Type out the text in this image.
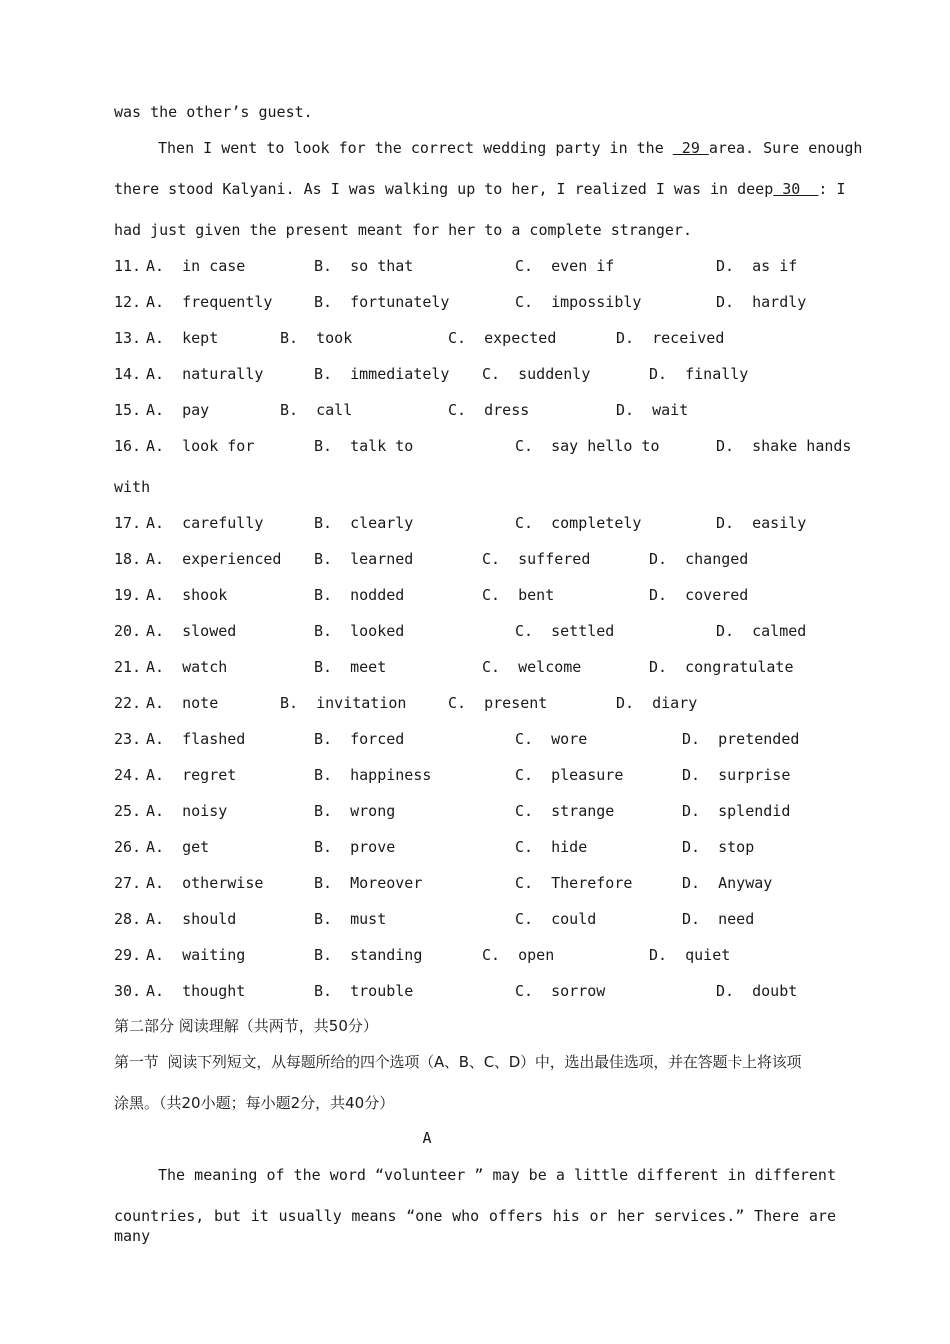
was the other’s guest.
Then I went to look for the correct wedding party in the  29 area. Sure enough
there stood Kalyani. As I was walking up to her, I realized I was in deep 30  : I
had just given the present meant for her to a complete stranger.
11. A.  in case	B.  so that	C.  even if	D.  as if
12. A.  frequently	B.  fortunately	C.  impossibly	D.  hardly
13. A.  kept	B.  took	C.  expected	D.  received
14. A.  naturally	B.  immediately C.  suddenly	D.  finally
15. A.  pay	B.  call	C.  dress	D.  wait
16. A.  look for	B.  talk to	C.  say hello to	D.  shake hands
with
17. A.  carefully	B.  clearly	C.  completely	D.  easily
18. A.  experienced B.  learned	C.  suffered	D.  changed
19. A.  shook	B.  nodded	C.  bent	D.  covered
20. A.  slowed	B.  looked	C.  settled	D.  calmed
21. A.  watch	B.  meet	C.  welcome	D.  congratulate
22. A.  note	B.  invitation	C.  present	D.  diary
23. A.  flashed	B.  forced	C.  wore	D.  pretended
24. A.  regret	B.  happiness	C.  pleasure	D.  surprise
25. A.  noisy	B.  wrong	C.  strange	D.  splendid
26. A.  get	B.  prove	C.  hide	D.  stop
27. A.  otherwise	B.  Moreover	C.  Therefore	D.  Anyway
28. A.  should	B.  must	C.  could	D.  need
29. A.  waiting	B.  standing	C.  open	D.  quiet
30. A.  thought	B.  trouble	C.  sorrow	D.  doubt
第二部分 阅读理解（共两节，共50分）
第一节  阅读下列短文，从每题所给的四个选项（A、B、C、D）中，选出最佳选项，并在答题卡上将该项
涂黑。（共20小题；每小题2分，共40分）
A
The meaning of the word “volunteer ” may be a little different in different
countries, but it usually means “one who offers his or her services.” There are many
